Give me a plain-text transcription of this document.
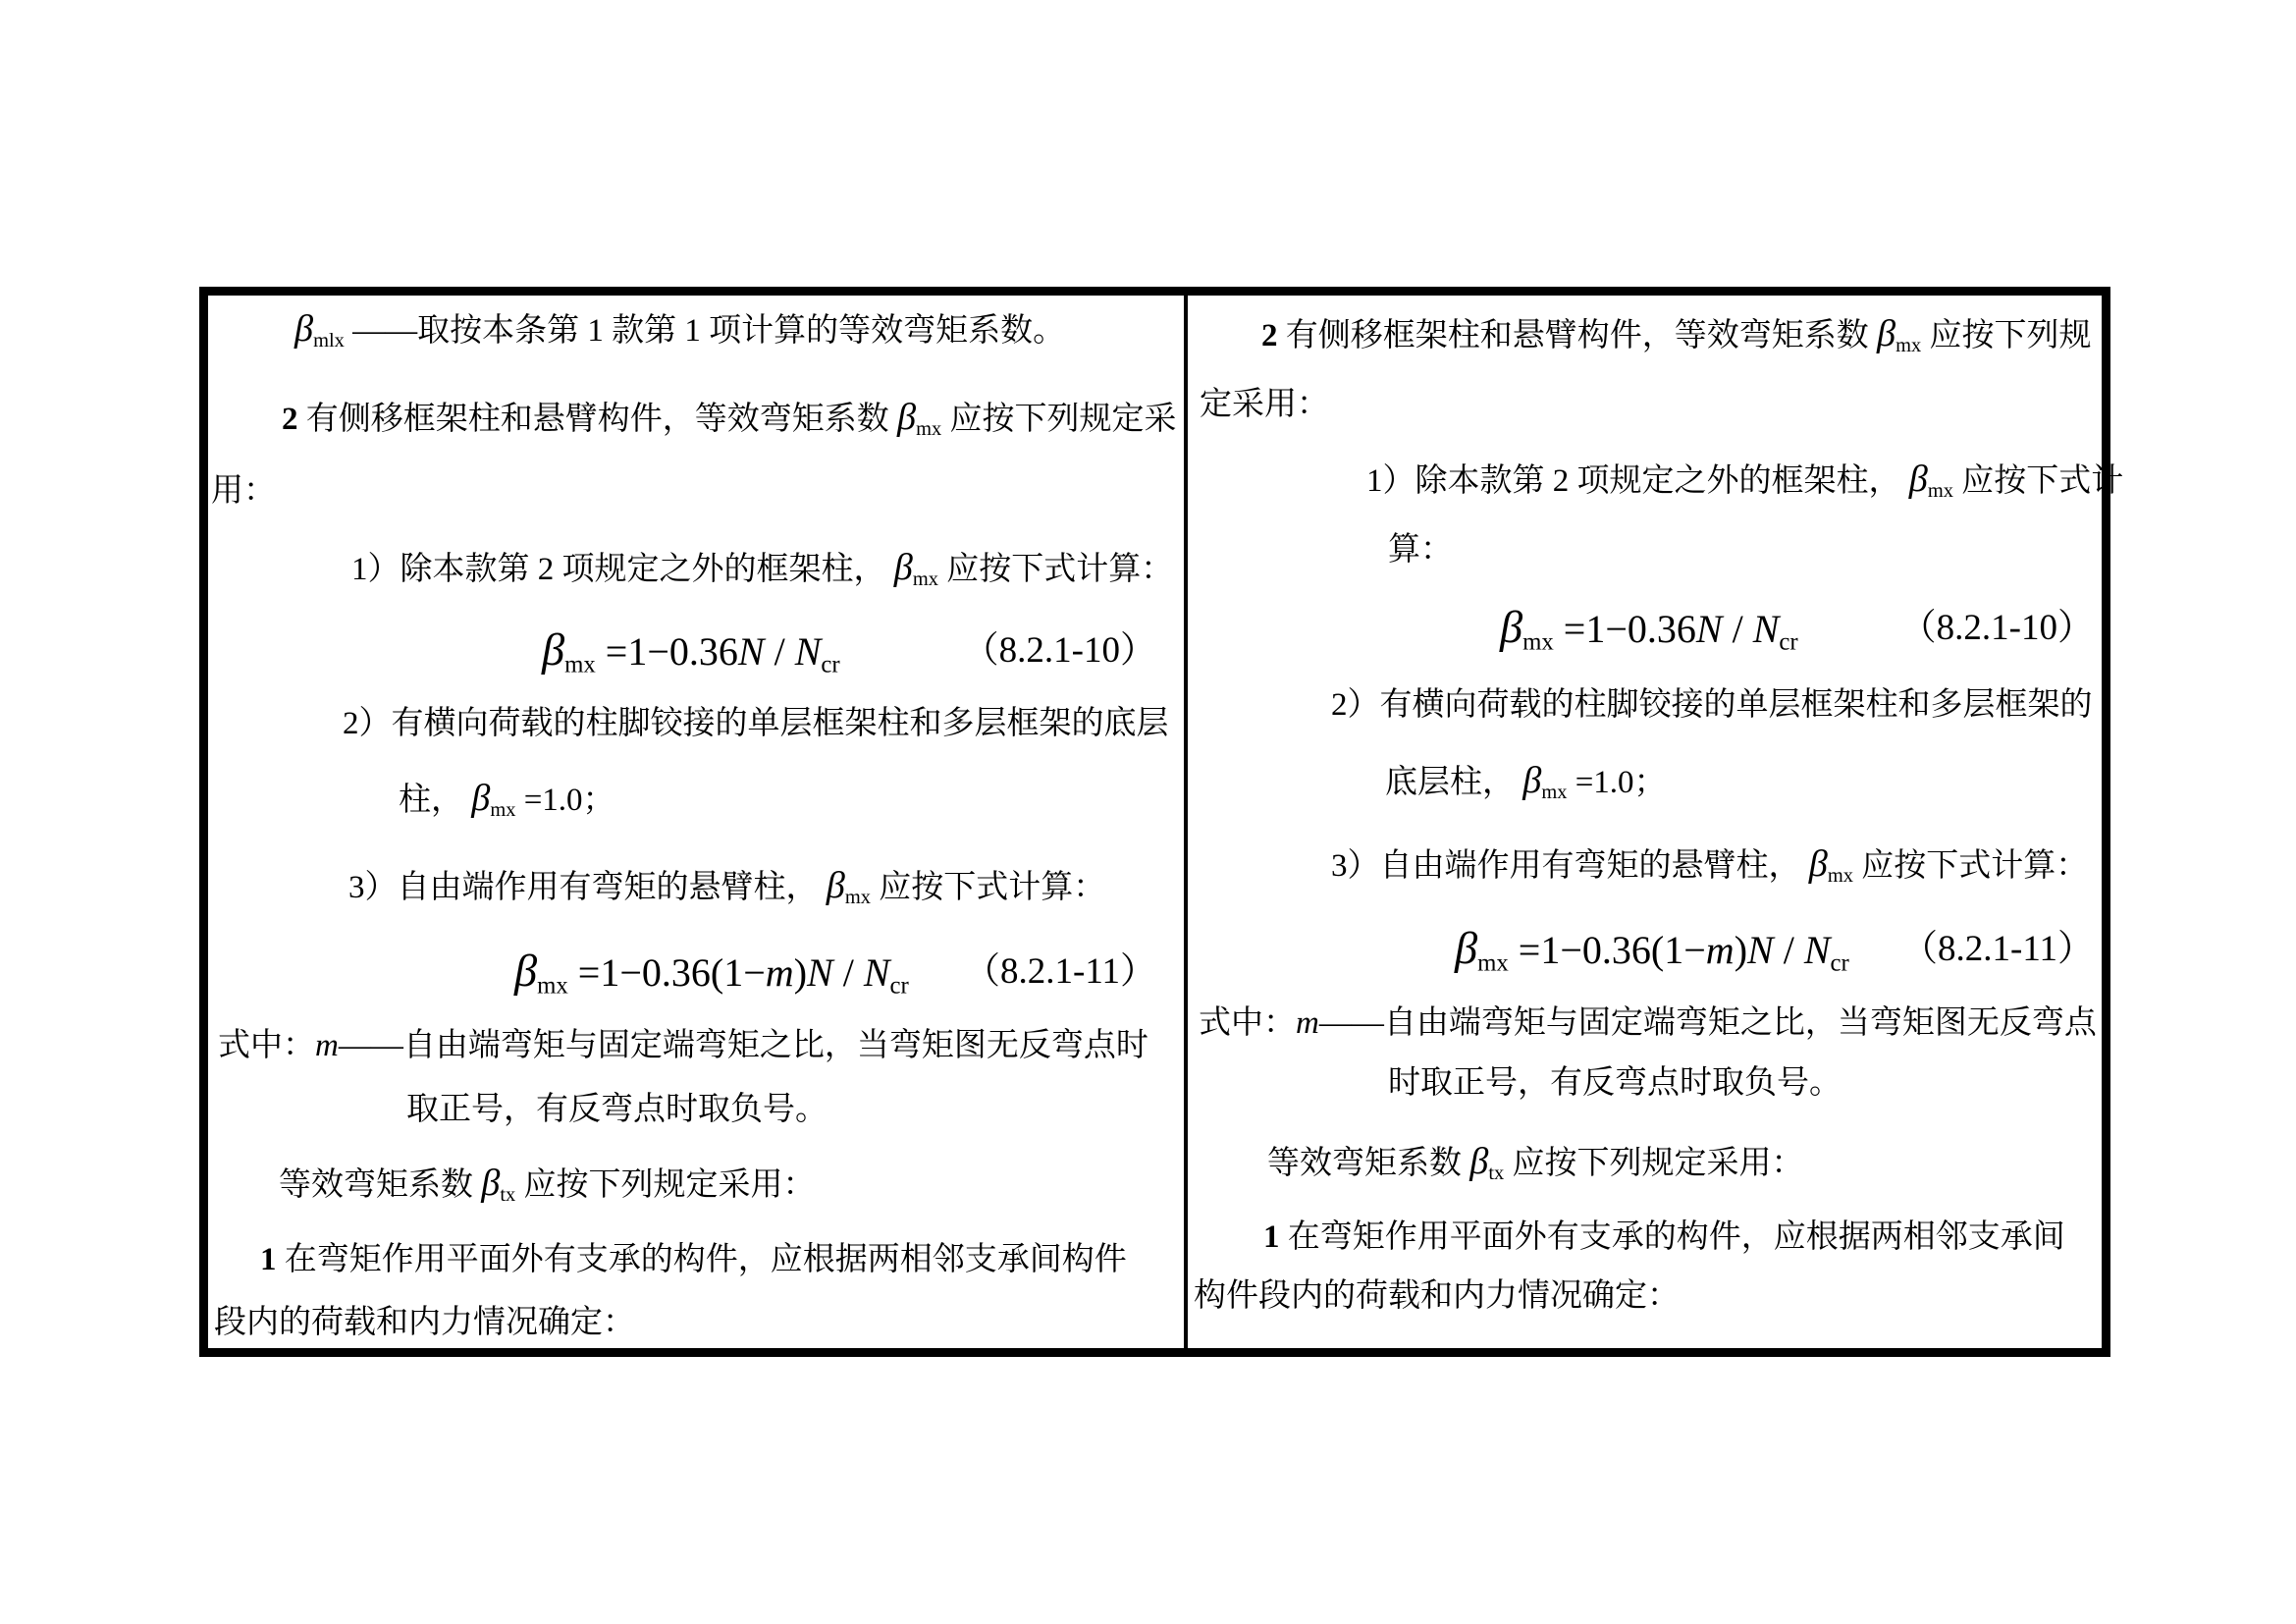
βmlx ——取按本条第 1 款第 1 项计算的等效弯矩系数。
2 有侧移框架柱和悬臂构件，等效弯矩系数 βmx 应按下列规定采
用：
1）除本款第 2 项规定之外的框架柱， βmx 应按下式计算：
βmx =1−0.36N / Ncr	（8.2.1-10）
2）有横向荷载的柱脚铰接的单层框架柱和多层框架的底层
柱， βmx =1.0；
3）自由端作用有弯矩的悬臂柱， βmx 应按下式计算：
βmx =1−0.36(1−m)N / Ncr	（8.2.1-11）
式中：m——自由端弯矩与固定端弯矩之比，当弯矩图无反弯点时
取正号，有反弯点时取负号。
等效弯矩系数 βtx 应按下列规定采用：
1 在弯矩作用平面外有支承的构件，应根据两相邻支承间构件
段内的荷载和内力情况确定：
2 有侧移框架柱和悬臂构件，等效弯矩系数 βmx 应按下列规
定采用：
1）除本款第 2 项规定之外的框架柱， βmx 应按下式计
算：
βmx =1−0.36N / Ncr	（8.2.1-10）
2）有横向荷载的柱脚铰接的单层框架柱和多层框架的
底层柱， βmx =1.0；
3）自由端作用有弯矩的悬臂柱， βmx 应按下式计算：
βmx =1−0.36(1−m)N / Ncr	（8.2.1-11）
式中：m——自由端弯矩与固定端弯矩之比，当弯矩图无反弯点
时取正号，有反弯点时取负号。
等效弯矩系数 βtx 应按下列规定采用：
1 在弯矩作用平面外有支承的构件，应根据两相邻支承间
构件段内的荷载和内力情况确定：
